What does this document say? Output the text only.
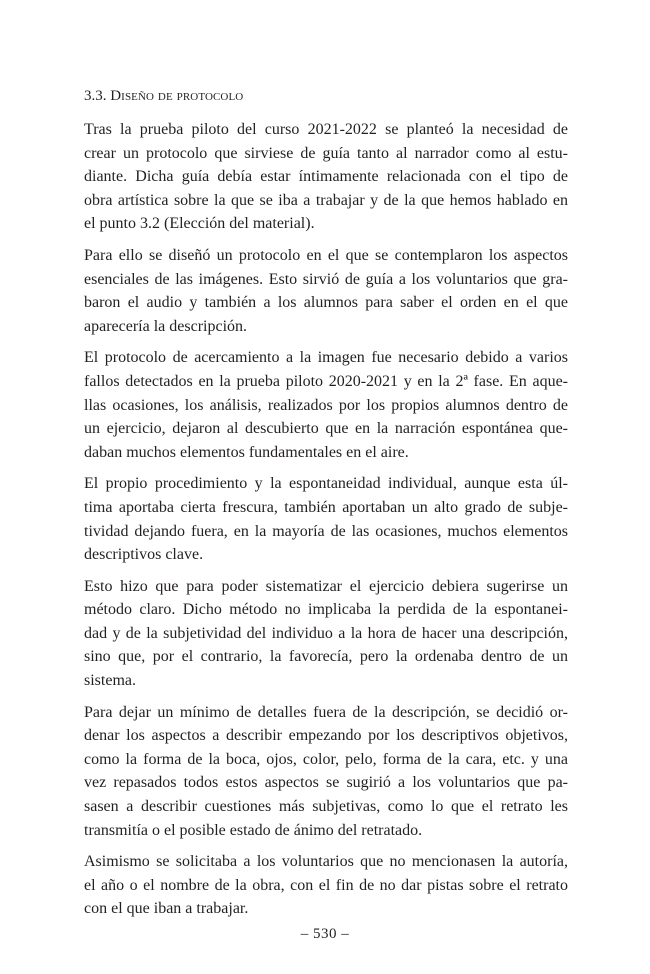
3.3. Diseño de protocolo

Tras la prueba piloto del curso 2021-2022 se planteó la necesidad de
crear un protocolo que sirviese de guía tanto al narrador como al estu-
diante. Dicha guía debía estar íntimamente relacionada con el tipo de
obra artística sobre la que se iba a trabajar y de la que hemos hablado en
el punto 3.2 (Elección del material).

Para ello se diseñó un protocolo en el que se contemplaron los aspectos
esenciales de las imágenes. Esto sirvió de guía a los voluntarios que gra-
baron el audio y también a los alumnos para saber el orden en el que
aparecería la descripción.

El protocolo de acercamiento a la imagen fue necesario debido a varios
fallos detectados en la prueba piloto 2020-2021 y en la 2ª fase. En aque-
llas ocasiones, los análisis, realizados por los propios alumnos dentro de
un ejercicio, dejaron al descubierto que en la narración espontánea que-
daban muchos elementos fundamentales en el aire.

El propio procedimiento y la espontaneidad individual, aunque esta úl-
tima aportaba cierta frescura, también aportaban un alto grado de subje-
tividad dejando fuera, en la mayoría de las ocasiones, muchos elementos
descriptivos clave.

Esto hizo que para poder sistematizar el ejercicio debiera sugerirse un
método claro. Dicho método no implicaba la perdida de la espontanei-
dad y de la subjetividad del individuo a la hora de hacer una descripción,
sino que, por el contrario, la favorecía, pero la ordenaba dentro de un
sistema.

Para dejar un mínimo de detalles fuera de la descripción, se decidió or-
denar los aspectos a describir empezando por los descriptivos objetivos,
como la forma de la boca, ojos, color, pelo, forma de la cara, etc. y una
vez repasados todos estos aspectos se sugirió a los voluntarios que pa-
sasen a describir cuestiones más subjetivas, como lo que el retrato les
transmitía o el posible estado de ánimo del retratado.

Asimismo se solicitaba a los voluntarios que no mencionasen la autoría,
el año o el nombre de la obra, con el fin de no dar pistas sobre el retrato
con el que iban a trabajar.

– 530 –
